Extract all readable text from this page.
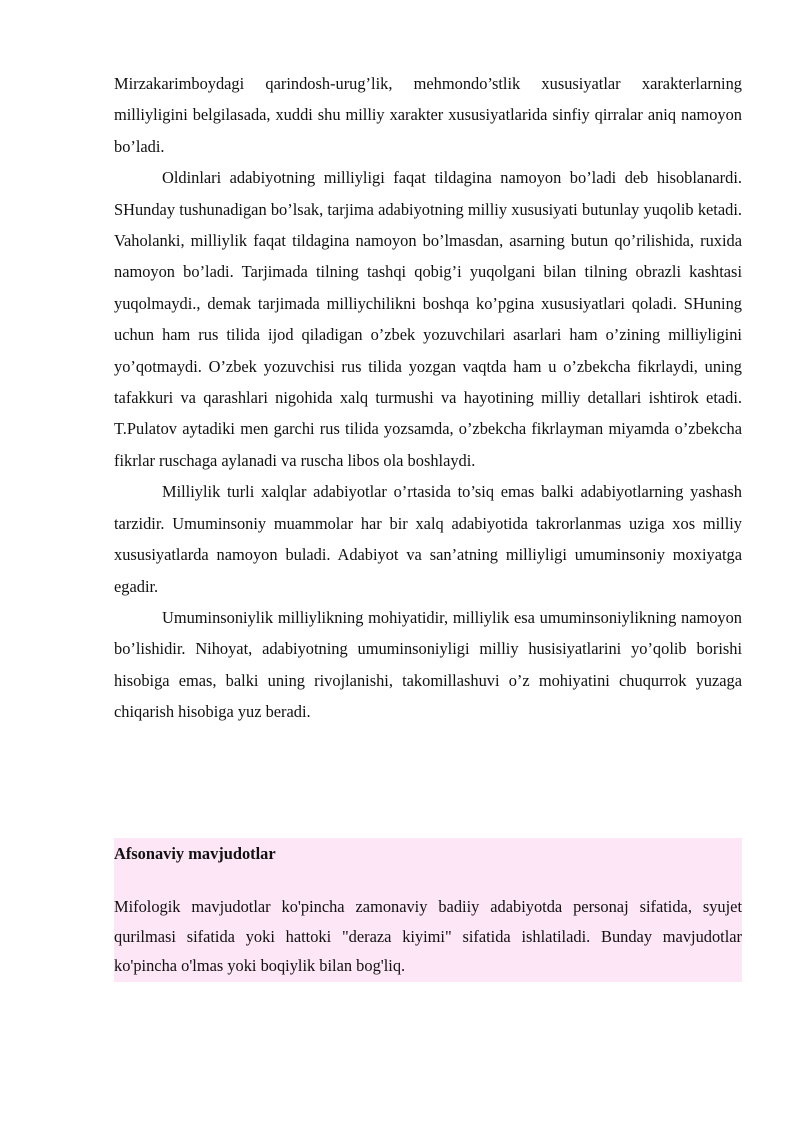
Mirzakarimboydagi qarindosh-urug’lik, mehmondo’stlik xususiyatlar xarakterlarning milliyligini belgilasada, xuddi shu milliy xarakter xususiyatlarida sinfiy qirralar aniq namoyon bo’ladi.

Oldinlari adabiyotning milliyligi faqat tildagina namoyon bo’ladi deb hisoblanardi. SHunday tushunadigan bo’lsak, tarjima adabiyotning milliy xususiyati butunlay yuqolib ketadi. Vaholanki, milliylik faqat tildagina namoyon bo’lmasdan, asarning butun qo’rilishida, ruxida namoyon bo’ladi. Tarjimada tilning tashqi qobig’i yuqolgani bilan tilning obrazli kashtasi yuqolmaydi., demak tarjimada milliychilikni boshqa ko’pgina xususiyatlari qoladi. SHuning uchun ham rus tilida ijod qiladigan o’zbek yozuvchilari asarlari ham o’zining milliyligini yo’qotmaydi. O’zbek yozuvchisi rus tilida yozgan vaqtda ham u o’zbekcha fikrlaydi, uning tafakkuri va qarashlari nigohida xalq turmushi va hayotining milliy detallari ishtirok etadi. T.Pulatov aytadiki men garchi rus tilida yozsamda, o’zbekcha fikrlayman miyamda o’zbekcha fikrlar ruschaga aylanadi va ruscha libos ola boshlaydi.

Milliylik turli xalqlar adabiyotlar o’rtasida to’siq emas balki adabiyotlarning yashash tarzidir. Umuminsoniy muammolar har bir xalq adabiyotida takrorlanmas uziga xos milliy xususiyatlarda namoyon buladi. Adabiyot va san’atning milliyligi umuminsoniy moxiyatga egadir.

Umuminsoniylik milliylikning mohiyatidir, milliylik esa umuminsoniylikning namoyon bo’lishidir. Nihoyat, adabiyotning umuminsoniyligi milliy husisiyatlarini yo’qolib borishi hisobiga emas, balki uning rivojlanishi, takomillashuvi o’z mohiyatini chuqurrok yuzaga chiqarish hisobiga yuz beradi.

Afsonaviy mavjudotlar

Mifologik mavjudotlar ko'pincha zamonaviy badiiy adabiyotda personaj sifatida, syujet qurilmasi sifatida yoki hattoki "deraza kiyimi" sifatida ishlatiladi. Bunday mavjudotlar ko'pincha o'lmas yoki boqiylik bilan bog'liq.
